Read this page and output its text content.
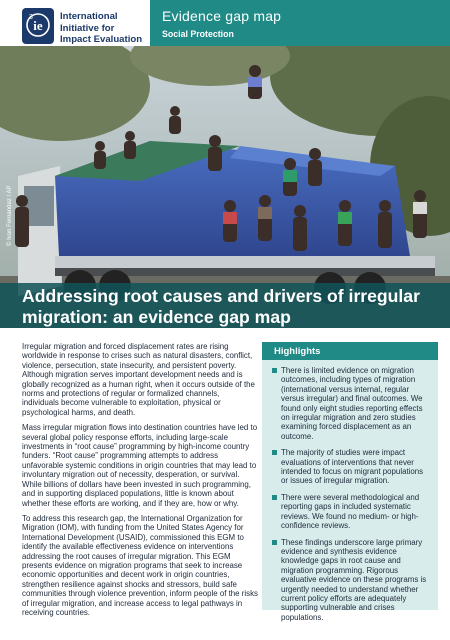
ie
3	International
Initiative for
Impact Evaluation
Evidence gap map
Social Protection
© Ivan Fernandez / AP
Addressing root causes and drivers of irregular migration: an evidence gap map

Irregular migration and forced displacement rates are rising worldwide in response to crises such as natural disasters, conflict, violence, persecution, state insecurity, and persistent poverty. Although migration serves important development needs and is globally recognized as a human right, when it occurs outside of the norms and protections of regular or formalized channels, individuals become vulnerable to exploitation, physical or psychological harms, and death.

Mass irregular migration flows into destination countries have led to several global policy response efforts, including large-scale investments in “root cause” programming by high-income country funders. “Root cause” programming attempts to address unfavorable systemic conditions in origin countries that may lead to involuntary migration out of necessity, desperation, or survival. While billions of dollars have been invested in such programming, and in supporting displaced populations, little is known about whether these efforts are working, and if they are, how or why.

To address this research gap, the International Organization for Migration (IOM), with funding from the United States Agency for International Development (USAID), commissioned this EGM to identify the available effectiveness evidence on interventions addressing the root causes of irregular migration. This EGM presents evidence on migration programs that seek to increase economic opportunities and decent work in origin countries, strengthen resilience against shocks and stressors, build safe communities through violence prevention, inform people of the risks of irregular migration, and increase access to legal pathways in receiving countries.

Highlights
There is limited evidence on migration outcomes, including types of migration (international versus internal, regular versus irregular) and final outcomes. We found only eight studies reporting effects on irregular migration and zero studies examining forced displacement as an outcome.
The majority of studies were impact evaluations of interventions that never intended to focus on migrant populations or issues of irregular migration.
There were several methodological and reporting gaps in included systematic reviews. We found no medium- or high-confidence reviews.
These findings underscore large primary evidence and synthesis evidence knowledge gaps in root cause and migration programming. Rigorous evaluative evidence on these programs is urgently needed to understand whether current policy efforts are adequately supporting vulnerable and crises populations.
